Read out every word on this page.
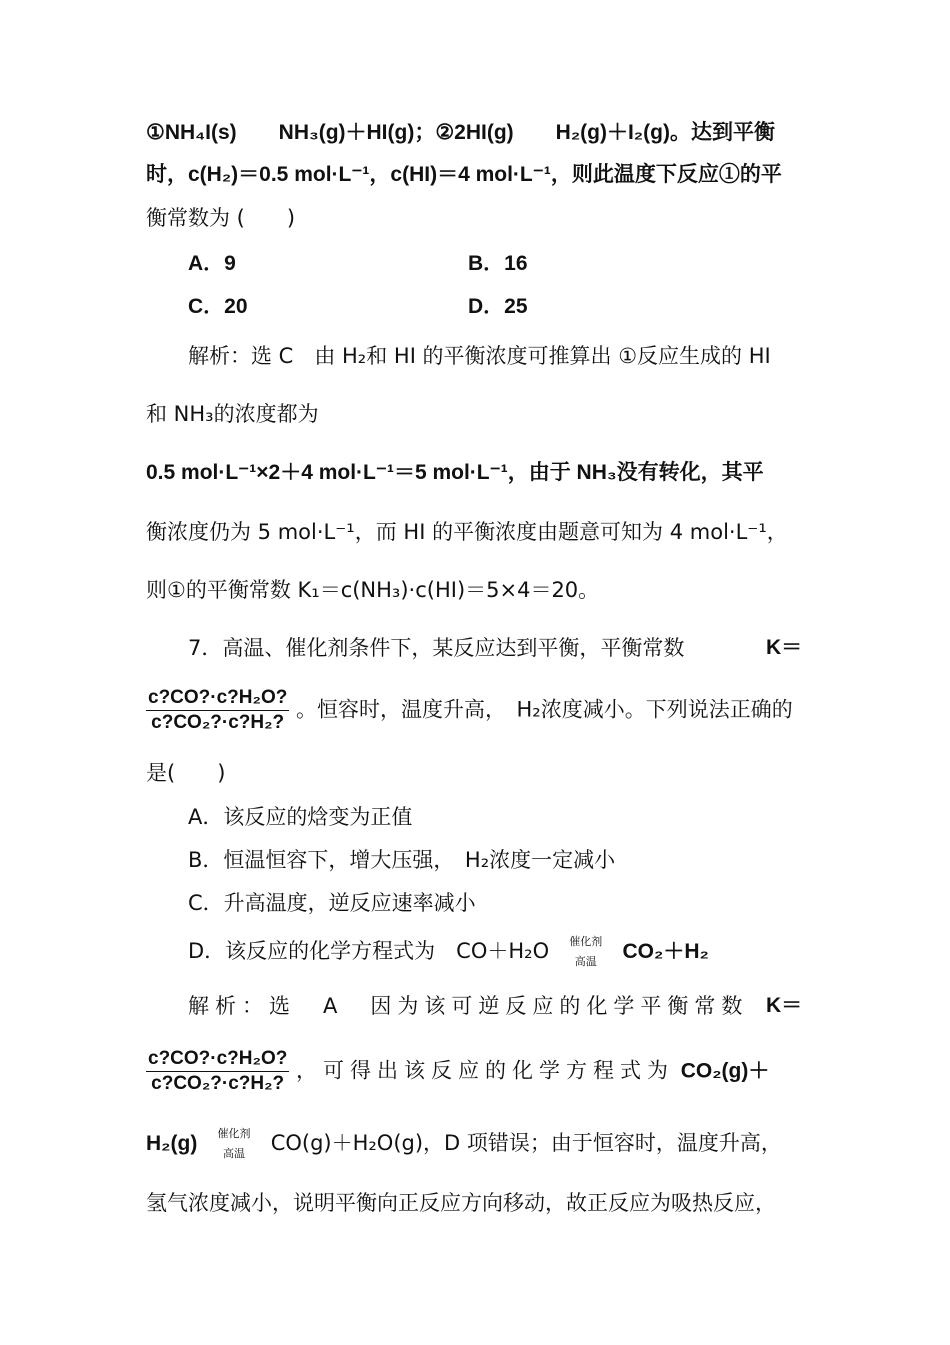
①NH₄I(s)　　NH₃(g)＋HI(g)；②2HI(g)　　H₂(g)＋I₂(g)。达到平衡
时，c(H₂)＝0.5 mol·L⁻¹，c(HI)＝4 mol·L⁻¹，则此温度下反应①的平
衡常数为 (　　)
A．9	B．16
C．20	D．25
解析：选 C　由 H₂和 HI 的平衡浓度可推算出 ①反应生成的 HI
和 NH₃的浓度都为
0.5 mol·L⁻¹×2＋4 mol·L⁻¹＝5 mol·L⁻¹，由于 NH₃没有转化，其平
衡浓度仍为 5 mol·L⁻¹，而 HI 的平衡浓度由题意可知为 4 mol·L⁻¹，
则①的平衡常数 K₁＝c(NH₃)·c(HI)＝5×4＝20。
7．高温、催化剂条件下，某反应达到平衡，平衡常数	K＝
$\frac{\text{c?CO?·c?H₂O?}}{\text{c?CO₂?·c?H₂?}}$ 。恒容时，温度升高，　H₂浓度减小。下列说法正确的
是(　　)
A．该反应的焓变为正值
B．恒温恒容下，增大压强，　H₂浓度一定减小
C．升高温度，逆反应速率减小
D．该反应的化学方程式为　CO＋H₂O	催化剂
高温	CO₂＋H₂
解析：选　A　因为该可逆反应的化学平衡常数 K＝
$\frac{\text{c?CO?·c?H₂O?}}{\text{c?CO₂?·c?H₂?}}$ ，可得出该反应的化学方程式为 CO₂(g)＋
H₂(g)	催化剂
高温	CO(g)＋H₂O(g)，D 项错误；由于恒容时，温度升高，
氢气浓度减小，说明平衡向正反应方向移动，故正反应为吸热反应，
